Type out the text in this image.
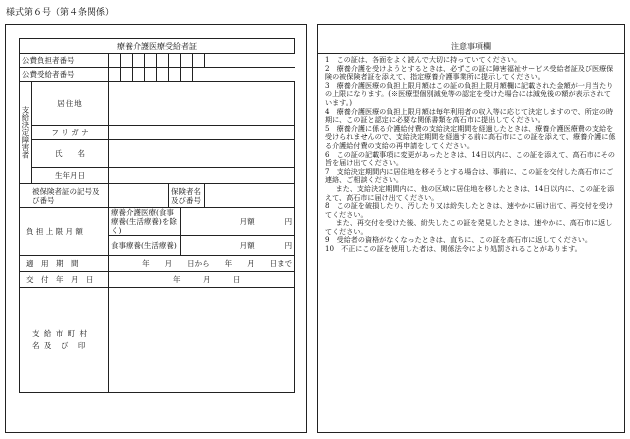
様式第６号（第４条関係）
療養介護医療受給者証										
公費負担者番号										
公費受給者番号										
支給決定障害者	居住地									
	フ リ ガ ナ									
	氏　　名									
	生年月日									
被保険者証の記号及び番号							保険者名及び番号			
負 担 上 限 月 額		療養介護医療(食事療養(生活療養)を除く)						月額　　　　 円		
		食事療養(生活療養)						月額　　　　 円		
適　用　期　間		年　　月　　日から　　年　　月　　日まで								
交　付　年　月　日		年　　　月　　　日								
支 給 市 町 村 名 及　び　印										
注意事項欄

1　この証は、各面をよく読んで大切に持っていてください。

2　療養介護を受けようとするときは、必ずこの証に障害福祉サービス受給者証及び医療保険の被保険者証を添えて、指定療養介護事業所に提示してください。

3　療養介護医療の負担上限月額はこの証の負担上限月額欄に記載された金額が一月当たりの上限になります。(※医療型個別減免等の認定を受けた場合には減免後の額が表示されています。)

4　療養介護医療の負担上限月額は毎年利用者の収入等に応じて決定しますので、所定の時期に、この証と認定に必要な関係書類を高石市に提出してください。

5　療養介護に係る介護給付費の支給決定期間を経過したときは、療養介護医療費の支給を受けられませんので、支給決定期間を経過する前に高石市にこの証を添えて、療養介護に係る介護給付費の支給の再申請をしてください。

6　この証の記載事項に変更があったときは、14日以内に、この証を添えて、高石市にその旨を届け出てください。

7　支給決定期間内に居住地を移そうとする場合は、事前に、この証を交付した高石市にご連絡、ご相談ください。

また、支給決定期間内に、他の区域に居住地を移したときは、14日以内に、この証を添えて、高石市に届け出てください。

8　この証を破損したり、汚したり又は紛失したときは、速やかに届け出て、再交付を受けてください。

また、再交付を受けた後、紛失したこの証を発見したときは、速やかに、高石市に返してください。

9　受給者の資格がなくなったときは、直ちに、この証を高石市に返してください。

10　不正にこの証を使用した者は、関係法令により処罰されることがあります。
